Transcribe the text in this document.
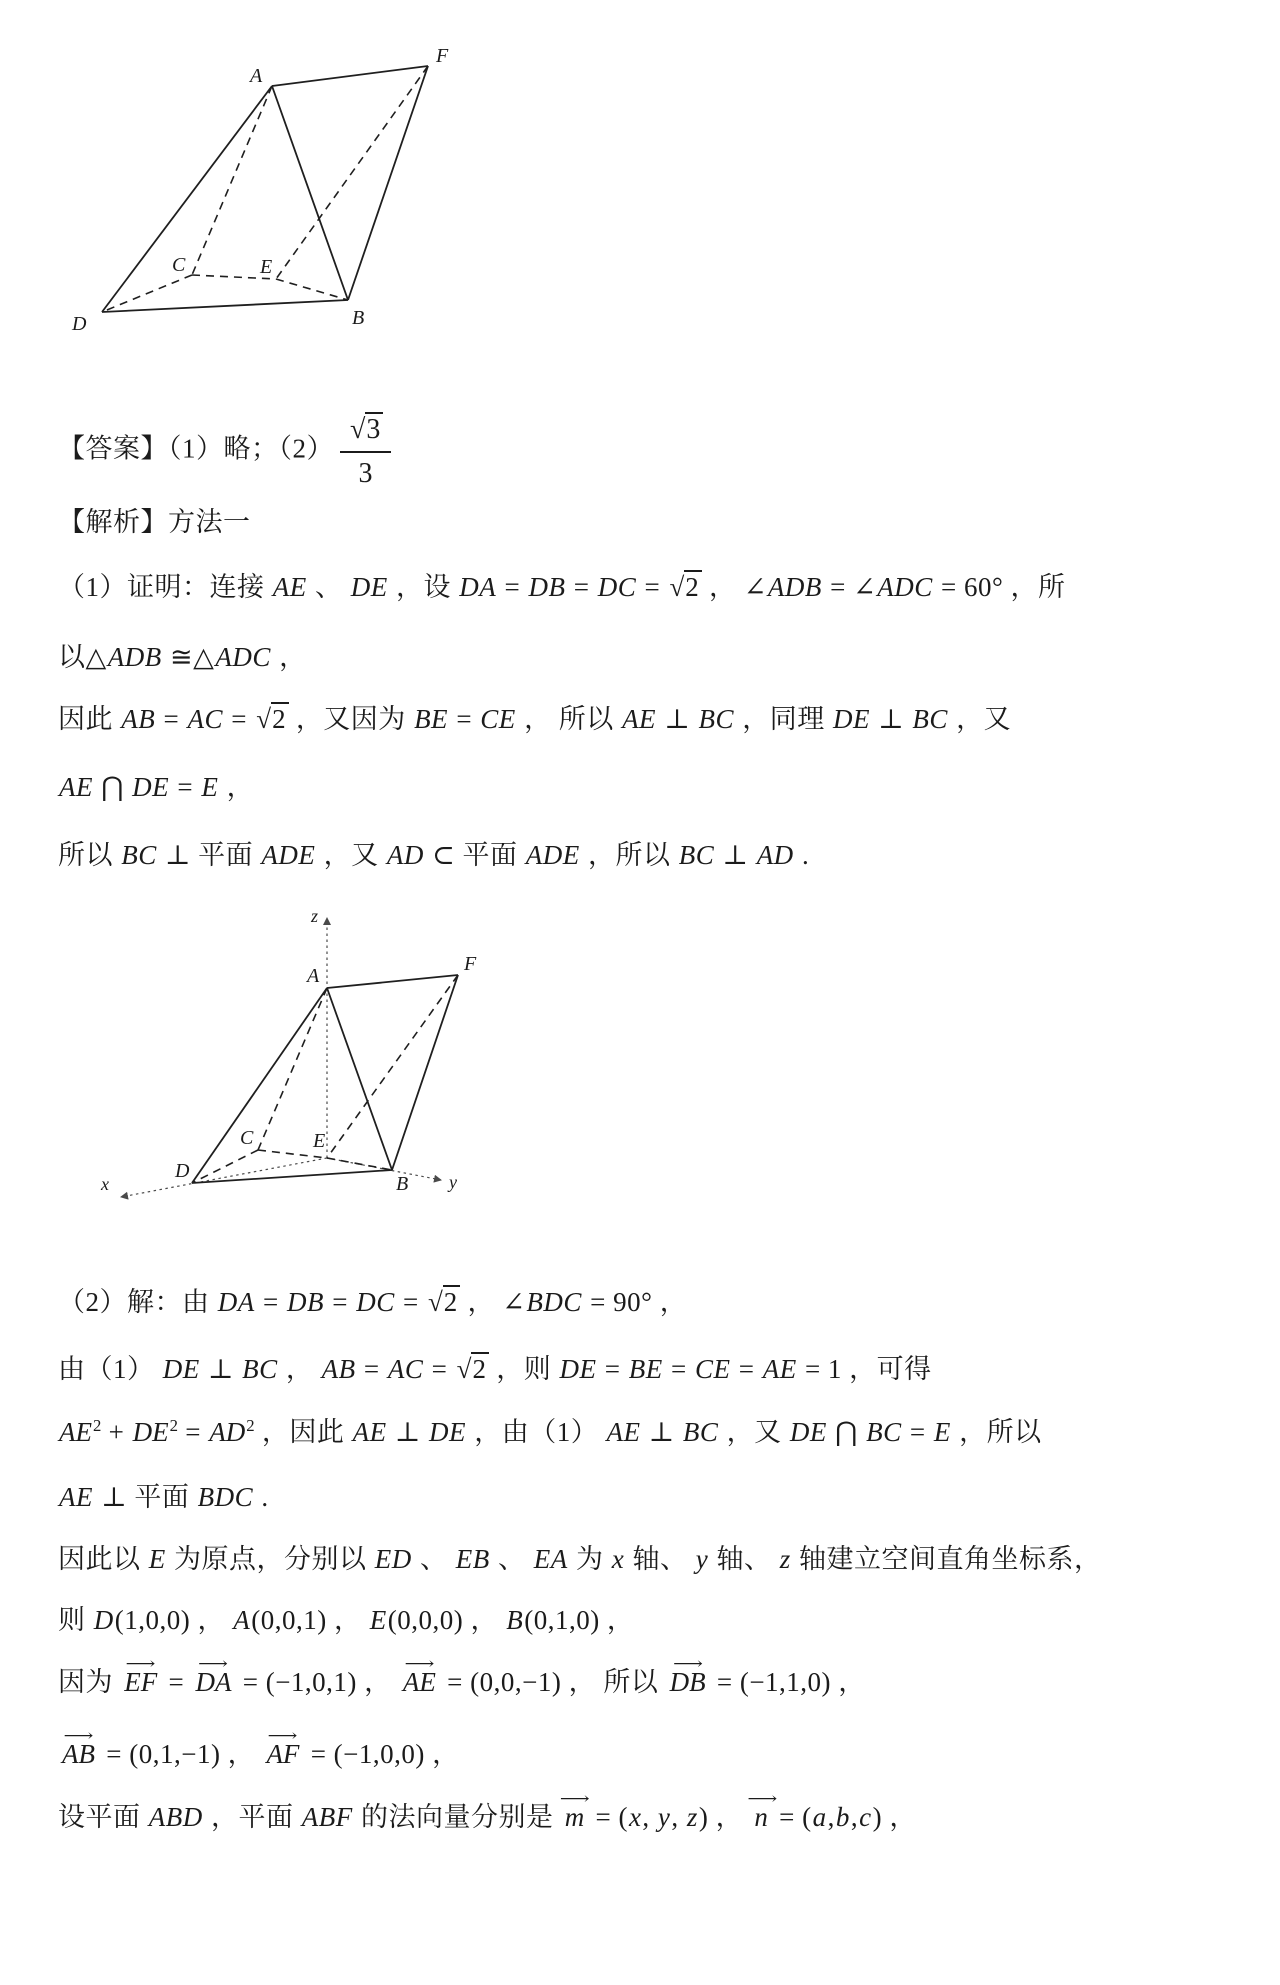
A
F
C	E
D	B
z
x	y
A
F
C	E
D
B
【答案】（1）略；$(2) \frac{√3}{3}$
【解析】方法一
（1）证明：连接 AE 、 DE ，设 DA = DB = DC = √2 ， ∠ADB = ∠ADC = 60° ，所
以△ADB ≅△ADC ，
因此 AB = AC = √2 ，又因为 BE = CE ， 所以 AE ⊥ BC ，同理 DE ⊥ BC ，又
AE ⋂ DE = E ，
所以 BC ⊥ 平面 ADE ，又 AD ⊂ 平面 ADE ，所以 BC ⊥ AD .
（2）解：由 DA = DB = DC = √2 ， ∠BDC = 90° ，
由（1） DE ⊥ BC ， AB = AC = √2 ，则 DE = BE = CE = AE = 1 ，可得
$AE^2 + DE^2 = AD^2$ ，因此 AE ⊥ DE ，由（1） AE ⊥ BC ，又 DE ⋂ BC = E ，所以
AE ⊥ 平面 BDC .
因此以 E 为原点，分别以 ED 、 EB 、 EA 为 x 轴、 y 轴、 z 轴建立空间直角坐标系，
则 D(1,0,0) ， A(0,0,1) ， E(0,0,0) ， B(0,1,0) ，
因为 EF ⟶ = DA ⟶ = (−1,0,1) ， AE ⟶ = (0,0,−1) ， 所以 DB ⟶ = (−1,1,0) ，
AB ⟶ = (0,1,−1) ， AF ⟶ = (−1,0,0) ，
设平面 ABD ，平面 ABF 的法向量分别是 m ⟶ = (x, y, z) ， n ⟶ = (a,b,c) ，
